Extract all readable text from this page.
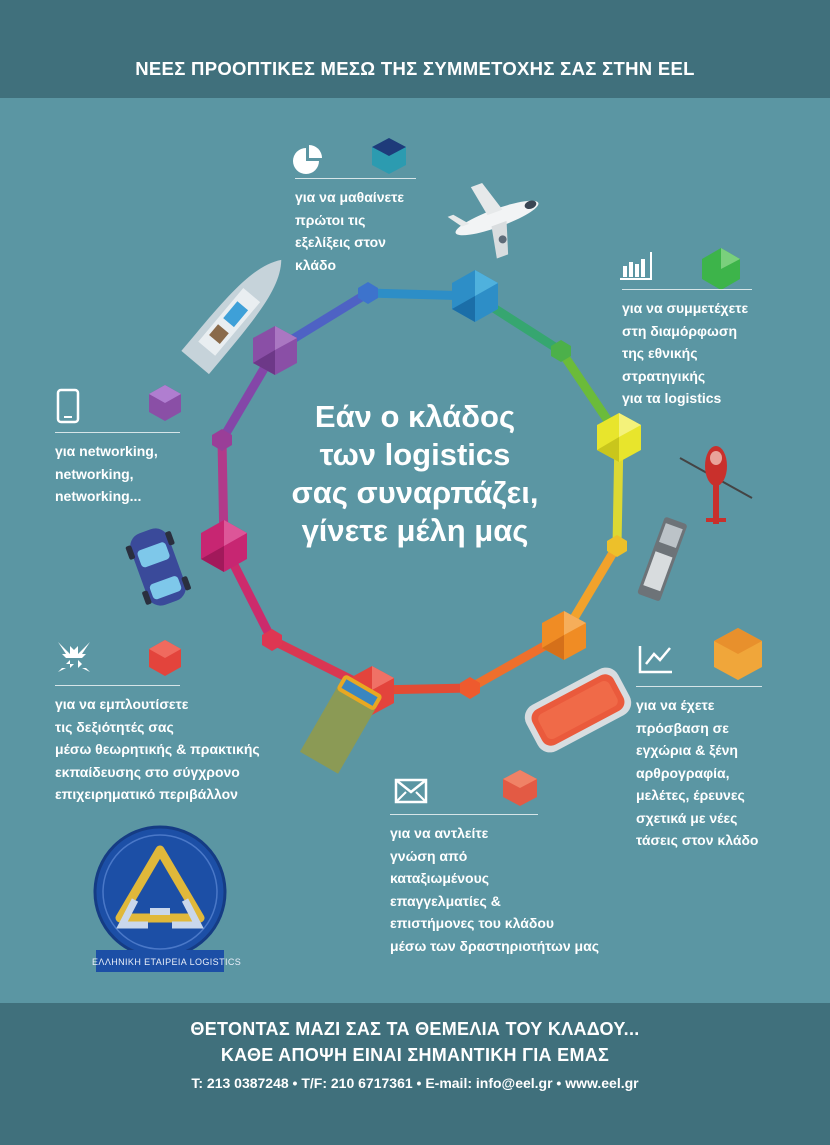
ΝΕΕΣ ΠΡΟΟΠΤΙΚΕΣ ΜΕΣΩ ΤΗΣ ΣΥΜΜΕΤΟΧΗΣ ΣΑΣ ΣΤΗΝ EEL
Εάν ο κλάδος
των logistics
σας συναρπάζει,
γίνετε μέλη μας
για να μαθαίνετε
πρώτοι τις
εξελίξεις στον
κλάδο
για να συμμετέχετε
στη διαμόρφωση
της εθνικής
στρατηγικής
για τα logistics
για networking,
networking,
networking...
για να εμπλουτίσετε
τις δεξιότητές σας
μέσω θεωρητικής & πρακτικής
εκπαίδευσης στο σύγχρονο
επιχειρηματικό περιβάλλον
για να έχετε
πρόσβαση σε
εγχώρια & ξένη
αρθρογραφία,
μελέτες, έρευνες
σχετικά με νέες
τάσεις στον κλάδο
για να αντλείτε
γνώση από
καταξιωμένους
επαγγελματίες &
επιστήμονες του κλάδου
μέσω των δραστηριοτήτων μας
ΕΛΛΗΝΙΚΗ ΕΤΑΙΡΕΙΑ LOGISTICS
ΘΕΤΟΝΤΑΣ ΜΑΖΙ ΣΑΣ ΤΑ ΘΕΜΕΛΙΑ ΤΟΥ ΚΛΑΔΟΥ...
ΚΑΘΕ ΑΠΟΨΗ ΕΙΝΑΙ ΣΗΜΑΝΤΙΚΗ ΓΙΑ ΕΜΑΣ
T: 213 0387248 • T/F: 210 6717361 • E-mail: info@eel.gr • www.eel.gr
